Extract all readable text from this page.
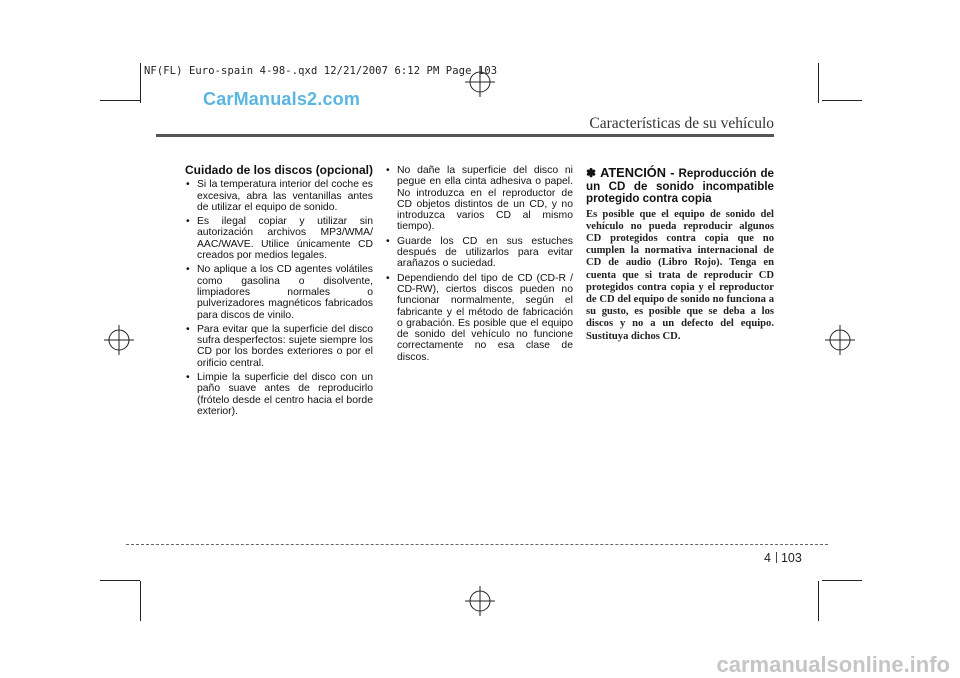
NF(FL) Euro-spain 4-98-.qxd 12/21/2007 6:12 PM Page 103
CarManuals2.com
Características de su vehículo
Cuidado de los discos (opcional)
• Si la temperatura interior del coche es excesiva, abra las ventanillas antes de utilizar el equipo de sonido.
• Es ilegal copiar y utilizar sin autorización archivos MP3/WMA/ AAC/WAVE. Utilice únicamente CD creados por medios legales.
• No aplique a los CD agentes volátiles como gasolina o disolvente, limpiadores normales o pulverizadores magnéticos fabricados para discos de vinilo.
• Para evitar que la superficie del disco sufra desperfectos: sujete siempre los CD por los bordes exteriores o por el orificio central.
• Limpie la superficie del disco con un paño suave antes de reproducirlo (frótelo desde el centro hacia el borde exterior).
• No dañe la superficie del disco ni pegue en ella cinta adhesiva o papel. No introduzca en el reproductor de CD objetos distintos de un CD, y no introduzca varios CD al mismo tiempo).
• Guarde los CD en sus estuches después de utilizarlos para evitar arañazos o suciedad.
• Dependiendo del tipo de CD (CD-R / CD-RW), ciertos discos pueden no funcionar normalmente, según el fabricante y el método de fabricación o grabación. Es posible que el equipo de sonido del vehículo no funcione correctamente no esa clase de discos.
✽ ATENCIÓN - Reproducción de un CD de sonido incompatible protegido contra copia
Es posible que el equipo de sonido del vehículo no pueda reproducir algunos CD protegidos contra copia que no cumplen la normativa internacional de CD de audio (Libro Rojo). Tenga en cuenta que si trata de reproducir CD protegidos contra copia y el reproductor de CD del equipo de sonido no funciona a su gusto, es posible que se deba a los discos y no a un defecto del equipo. Sustituya dichos CD.
4 103
carmanualsonline.info
